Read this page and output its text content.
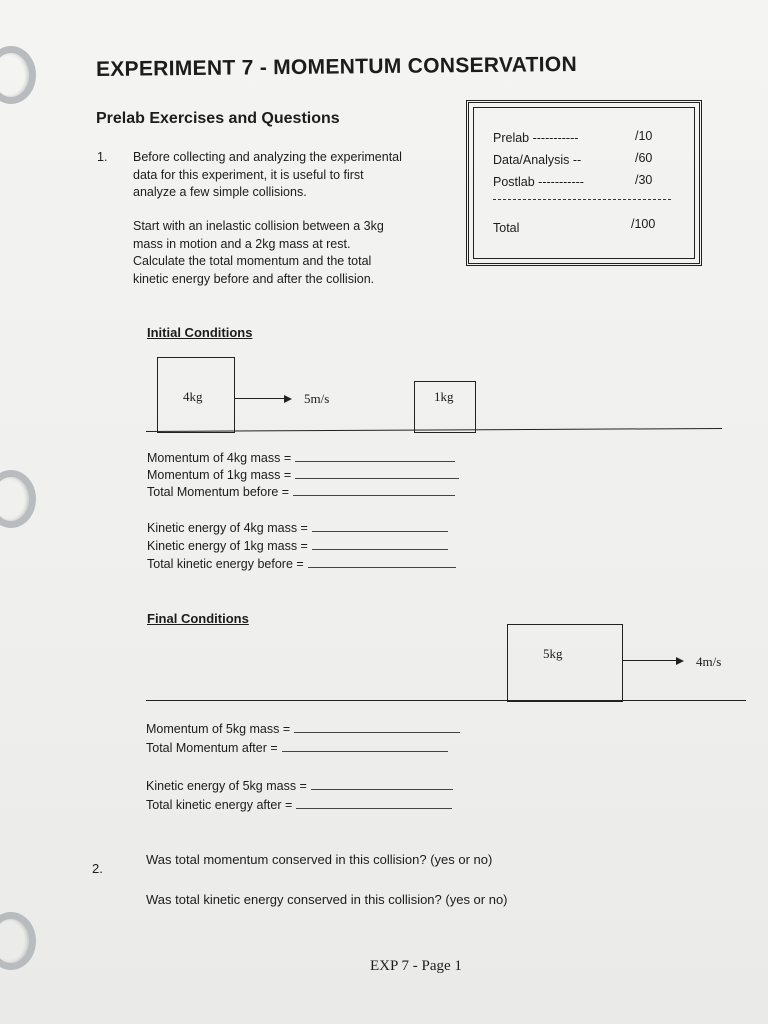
EXPERIMENT 7 - MOMENTUM CONSERVATION
Prelab Exercises and Questions
Prelab -----------	/10
Data/Analysis --	/60
Postlab -----------	/30
Total	/100
1. Before collecting and analyzing the experimental
data for this experiment, it is useful to first
analyze a few simple collisions.
Start with an inelastic collision between a 3kg
mass in motion and a 2kg mass at rest.
Calculate the total momentum and the total
kinetic energy before and after the collision.
Initial Conditions
4kg	5m/s	1kg
Momentum of 4kg mass =
Momentum of 1kg mass =
Total Momentum before =
Kinetic energy of 4kg mass =
Kinetic energy of 1kg mass =
Total kinetic energy before =
Final Conditions
5kg
4m/s
Momentum of 5kg mass =
Total Momentum after =
Kinetic energy of 5kg mass =
Total kinetic energy after =
2.
Was total momentum conserved in this collision? (yes or no)
Was total kinetic energy conserved in this collision? (yes or no)
EXP 7 - Page 1
